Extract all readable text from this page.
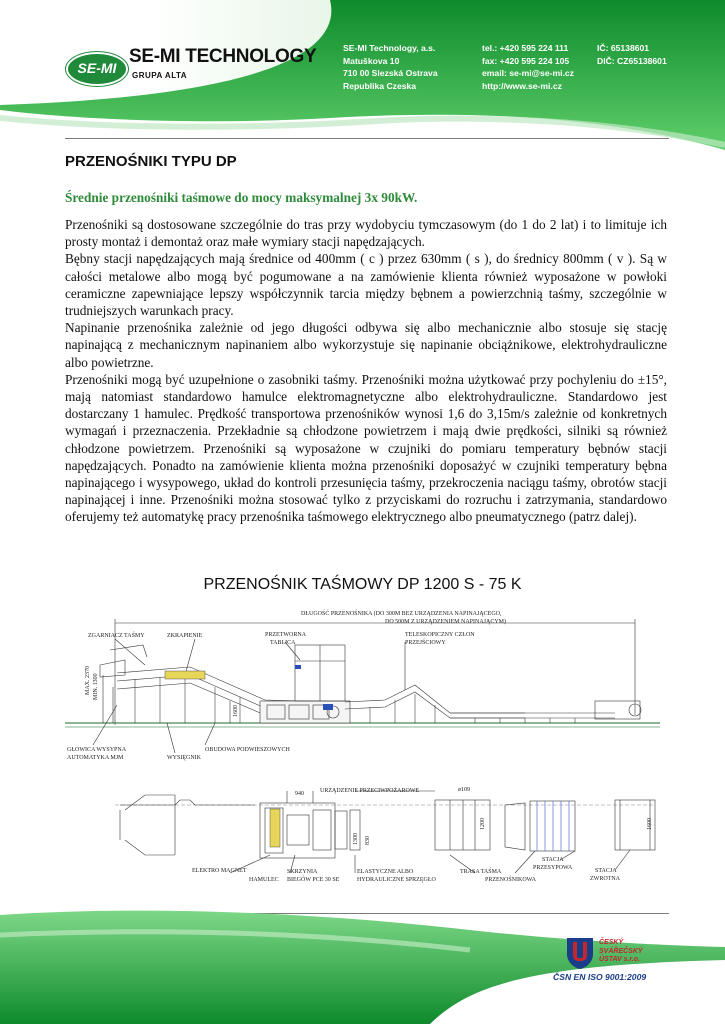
SE-MI
SE-MI TECHNOLOGY
GRUPA ALTA
SE-MI Technology, a.s.
Matuškova 10
710 00 Slezská Ostrava
Republika Czeska
tel.: +420 595 224 111
fax: +420 595 224 105
email: se-mi@se-mi.cz
http://www.se-mi.cz
IČ: 65138601
DIČ: CZ65138601
PRZENOŚNIKI TYPU DP
Średnie przenośniki taśmowe do mocy maksymalnej 3x 90kW.

Przenośniki są dostosowane szczególnie do tras przy wydobyciu tymczasowym (do 1 do 2 lat) i to limituje ich prosty montaż i demontaż oraz małe wymiary stacji napędzających.

Bębny stacji napędzających mają średnice od 400mm ( c ) przez 630mm ( s ), do średnicy 800mm ( v ). Są w całości metalowe albo mogą być pogumowane a na zamówienie klienta również wyposażone w powłoki ceramiczne zapewniające lepszy współczynnik tarcia między bębnem a powierzchnią taśmy, szczególnie w trudniejszych warunkach pracy.

Napinanie przenośnika zależnie od jego długości odbywa się albo mechanicznie albo stosuje się stację napinającą z mechanicznym napinaniem albo wykorzystuje się napinanie obciążnikowe, elektrohydrauliczne albo powietrzne.

Przenośniki mogą być uzupełnione o zasobniki taśmy. Przenośniki można użytkować przy pochyleniu do ±15°, mają natomiast standardowo hamulce elektromagnetyczne albo elektrohydrauliczne. Standardowo jest dostarczany 1 hamulec. Prędkość transportowa przenośników wynosi 1,6 do 3,15m/s zależnie od konkretnych wymagań i przeznaczenia. Przekładnie są chłodzone powietrzem i mają dwie prędkości, silniki są również chłodzone powietrzem. Przenośniki są wyposażone w czujniki do pomiaru temperatury bębnów stacji napędzających. Ponadto na zamówienie klienta można przenośniki doposażyć w czujniki temperatury bębna napinającego i wysypowego, układ do kontroli przesunięcia taśmy, przekroczenia naciągu taśmy, obrotów stacji napinającej i inne. Przenośniki można stosować tylko z przyciskami do rozruchu i zatrzymania, standardowo oferujemy też automatykę pracy przenośnika taśmowego elektrycznego albo pneumatycznego (patrz dalej).

PRZENOŚNIK TAŚMOWY DP 1200 S - 75 K
DŁUGOŚĆ PRZENOŚNIKA (DO 300M BEZ URZĄDZENIA NAPINAJĄCEGO,
DO 500M Z URZĄDZENIEM NAPINAJĄCYM)
ZGARNIACZ TAŚMY	ZKRAPIENIE	PRZETWORNA
TABLICA
TELESKOPICZNY CZŁON
PRZEJŚCIOWY
MAX. 2370 MIN. 1300
1600
GŁOWICA WYSYPNA
AUTOMATYKA MJM	WYSIĘGNIK
OBUDOWA PODWIESZOWYCH
940	URZĄDZENIE PRZECIWPOŻAROWE
1300 830
ø109
1200	1600
ELEKTRO MAGNET
HAMULEC
SKRZYNIA
BIEGÓW PCE 30 SE
ELASTYCZNE ALBO
HYDRAULICZNE SPRZĘGŁO
TRASA TAŚMA
PRZENOŚNIKOWA
STACJA
PRZESYPOWA	STACJA
ZWROTNA
ČESKÝ
SVÁŘEČSKÝ
ÚSTAV s.r.o.
ČSN EN ISO 9001:2009
